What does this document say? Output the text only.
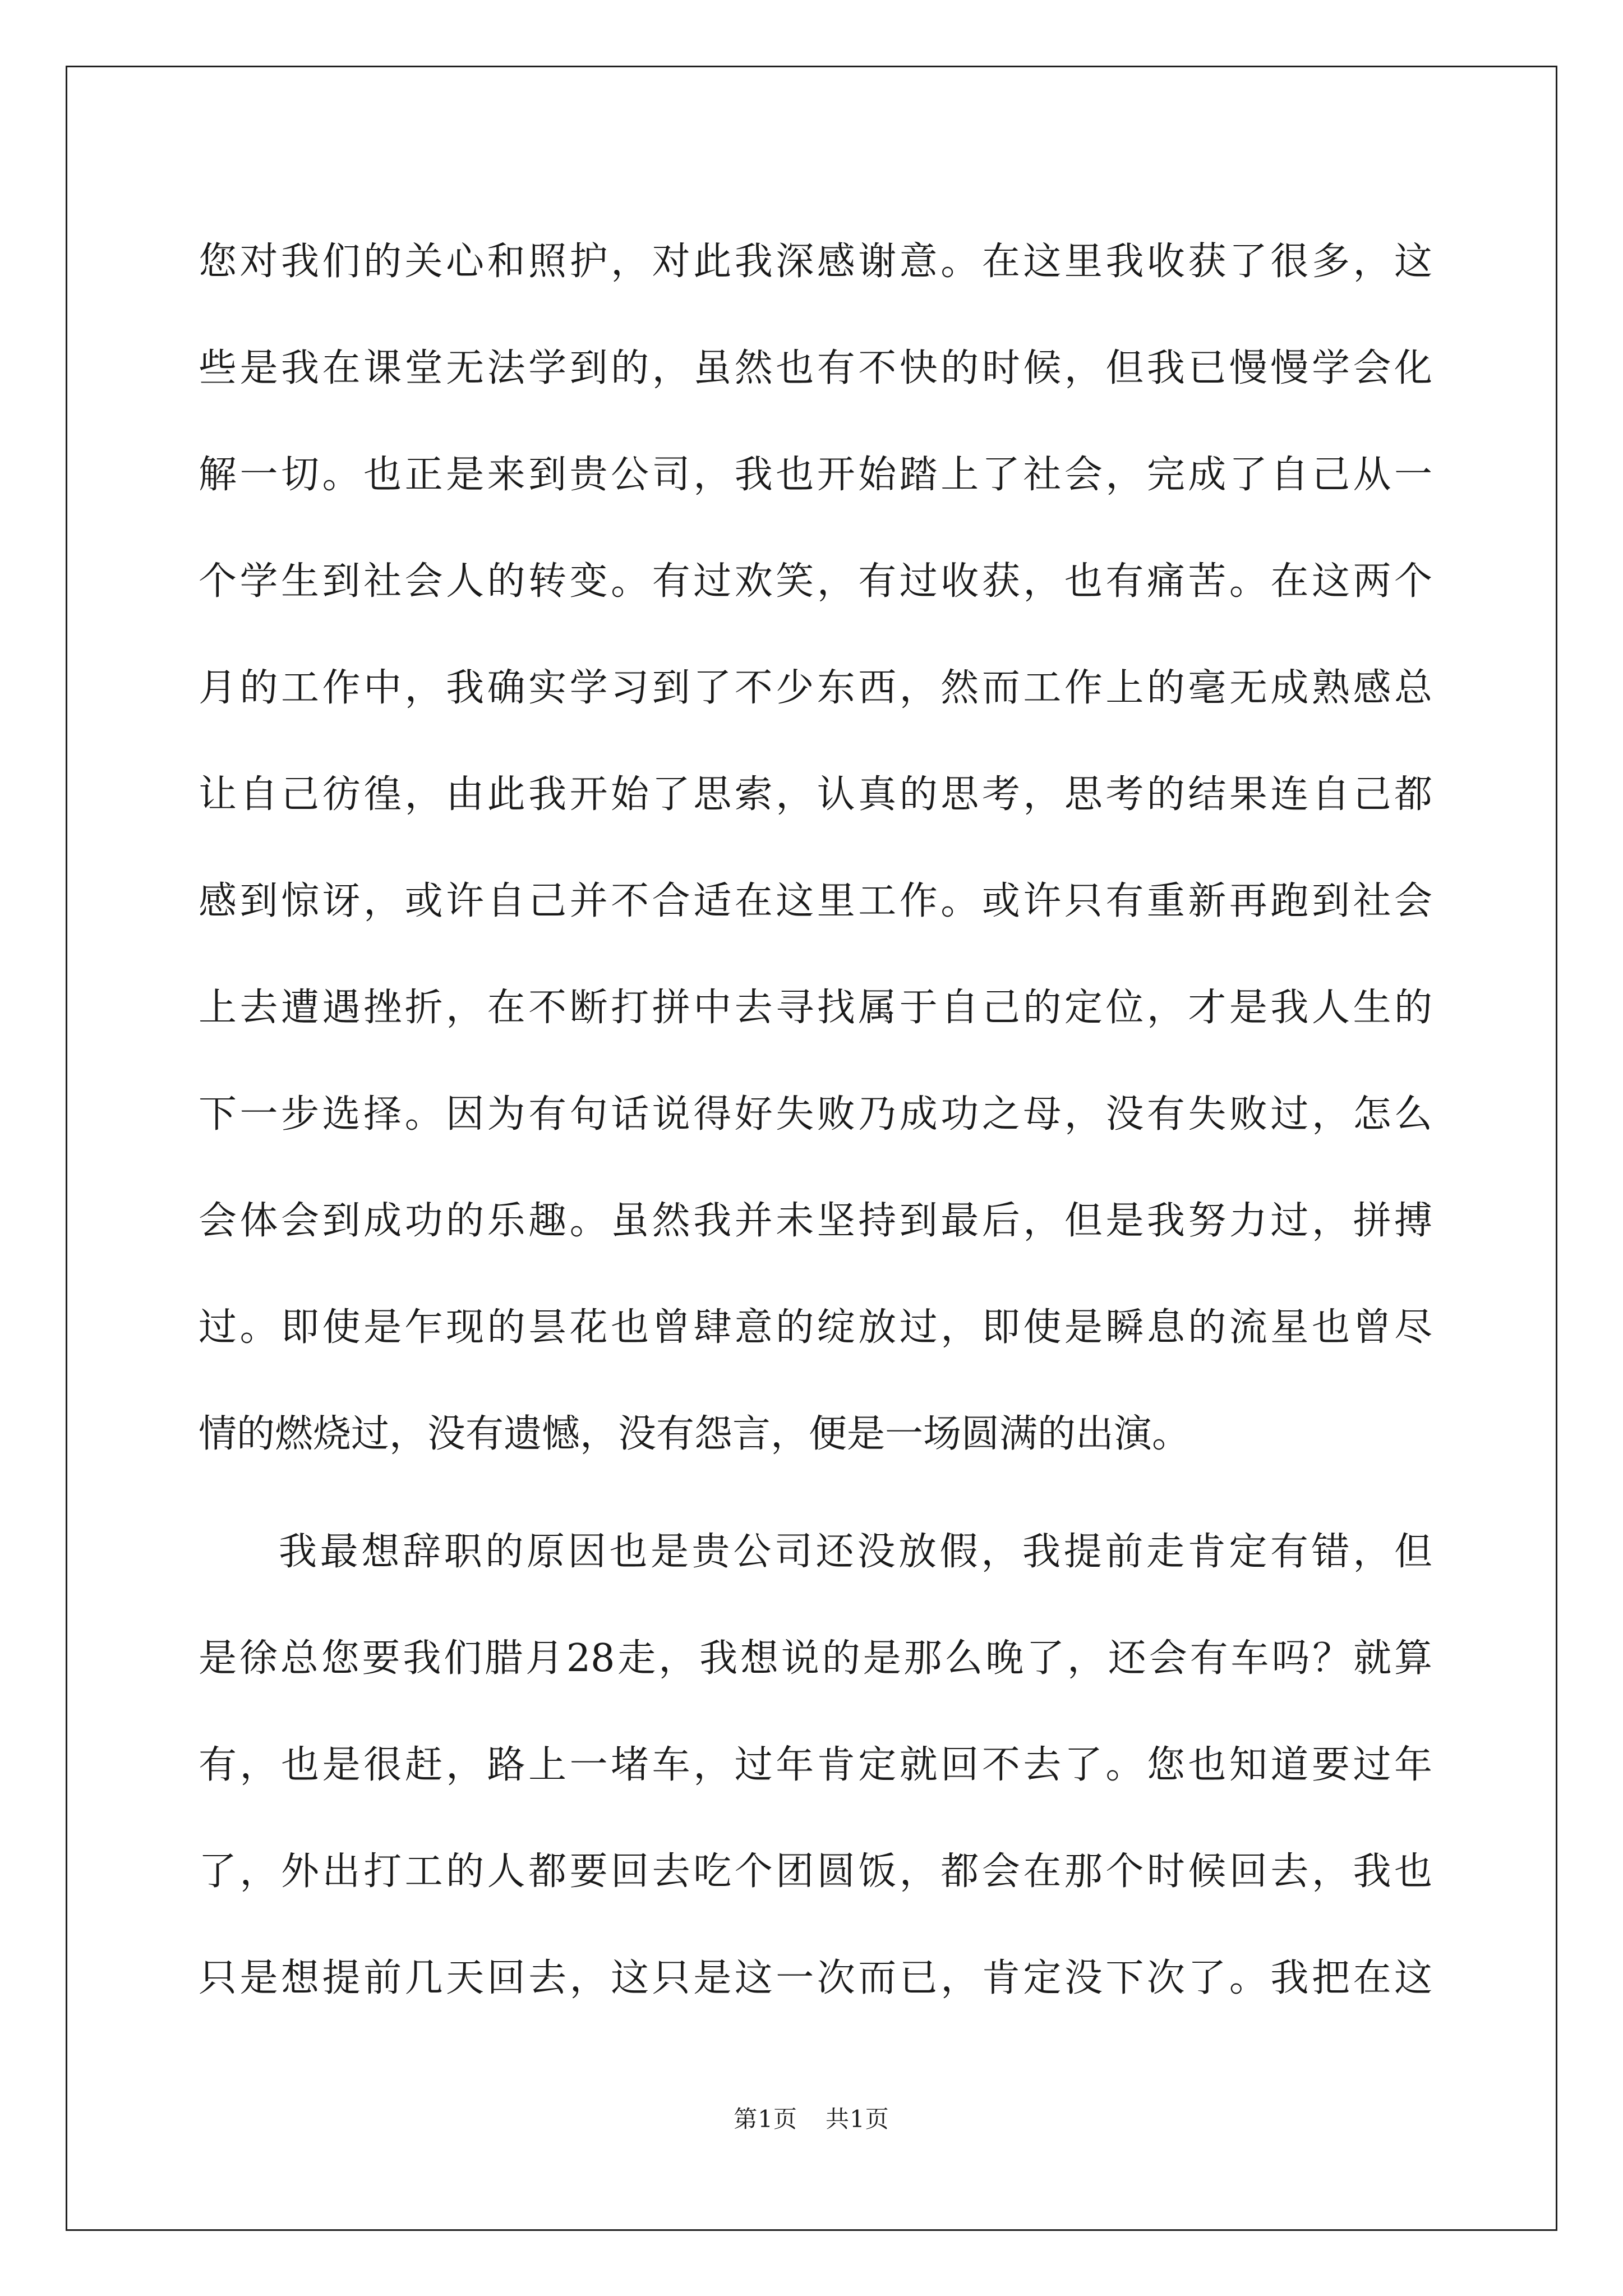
您对我们的关心和照护，对此我深感谢意。在这里我收获了很多，这
些是我在课堂无法学到的，虽然也有不快的时候，但我已慢慢学会化
解一切。也正是来到贵公司，我也开始踏上了社会，完成了自己从一
个学生到社会人的转变。有过欢笑，有过收获，也有痛苦。在这两个
月的工作中，我确实学习到了不少东西，然而工作上的毫无成熟感总
让自己彷徨，由此我开始了思索，认真的思考，思考的结果连自己都
感到惊讶，或许自己并不合适在这里工作。或许只有重新再跑到社会
上去遭遇挫折，在不断打拼中去寻找属于自己的定位，才是我人生的
下一步选择。因为有句话说得好失败乃成功之母，没有失败过，怎么
会体会到成功的乐趣。虽然我并未坚持到最后，但是我努力过，拼搏
过。即使是乍现的昙花也曾肆意的绽放过，即使是瞬息的流星也曾尽
情的燃烧过，没有遗憾，没有怨言，便是一场圆满的出演。
我最想辞职的原因也是贵公司还没放假，我提前走肯定有错，但
是徐总您要我们腊月28走，我想说的是那么晚了，还会有车吗？就算
有，也是很赶，路上一堵车，过年肯定就回不去了。您也知道要过年
了，外出打工的人都要回去吃个团圆饭，都会在那个时候回去，我也
只是想提前几天回去，这只是这一次而已，肯定没下次了。我把在这
第1页 共1页
